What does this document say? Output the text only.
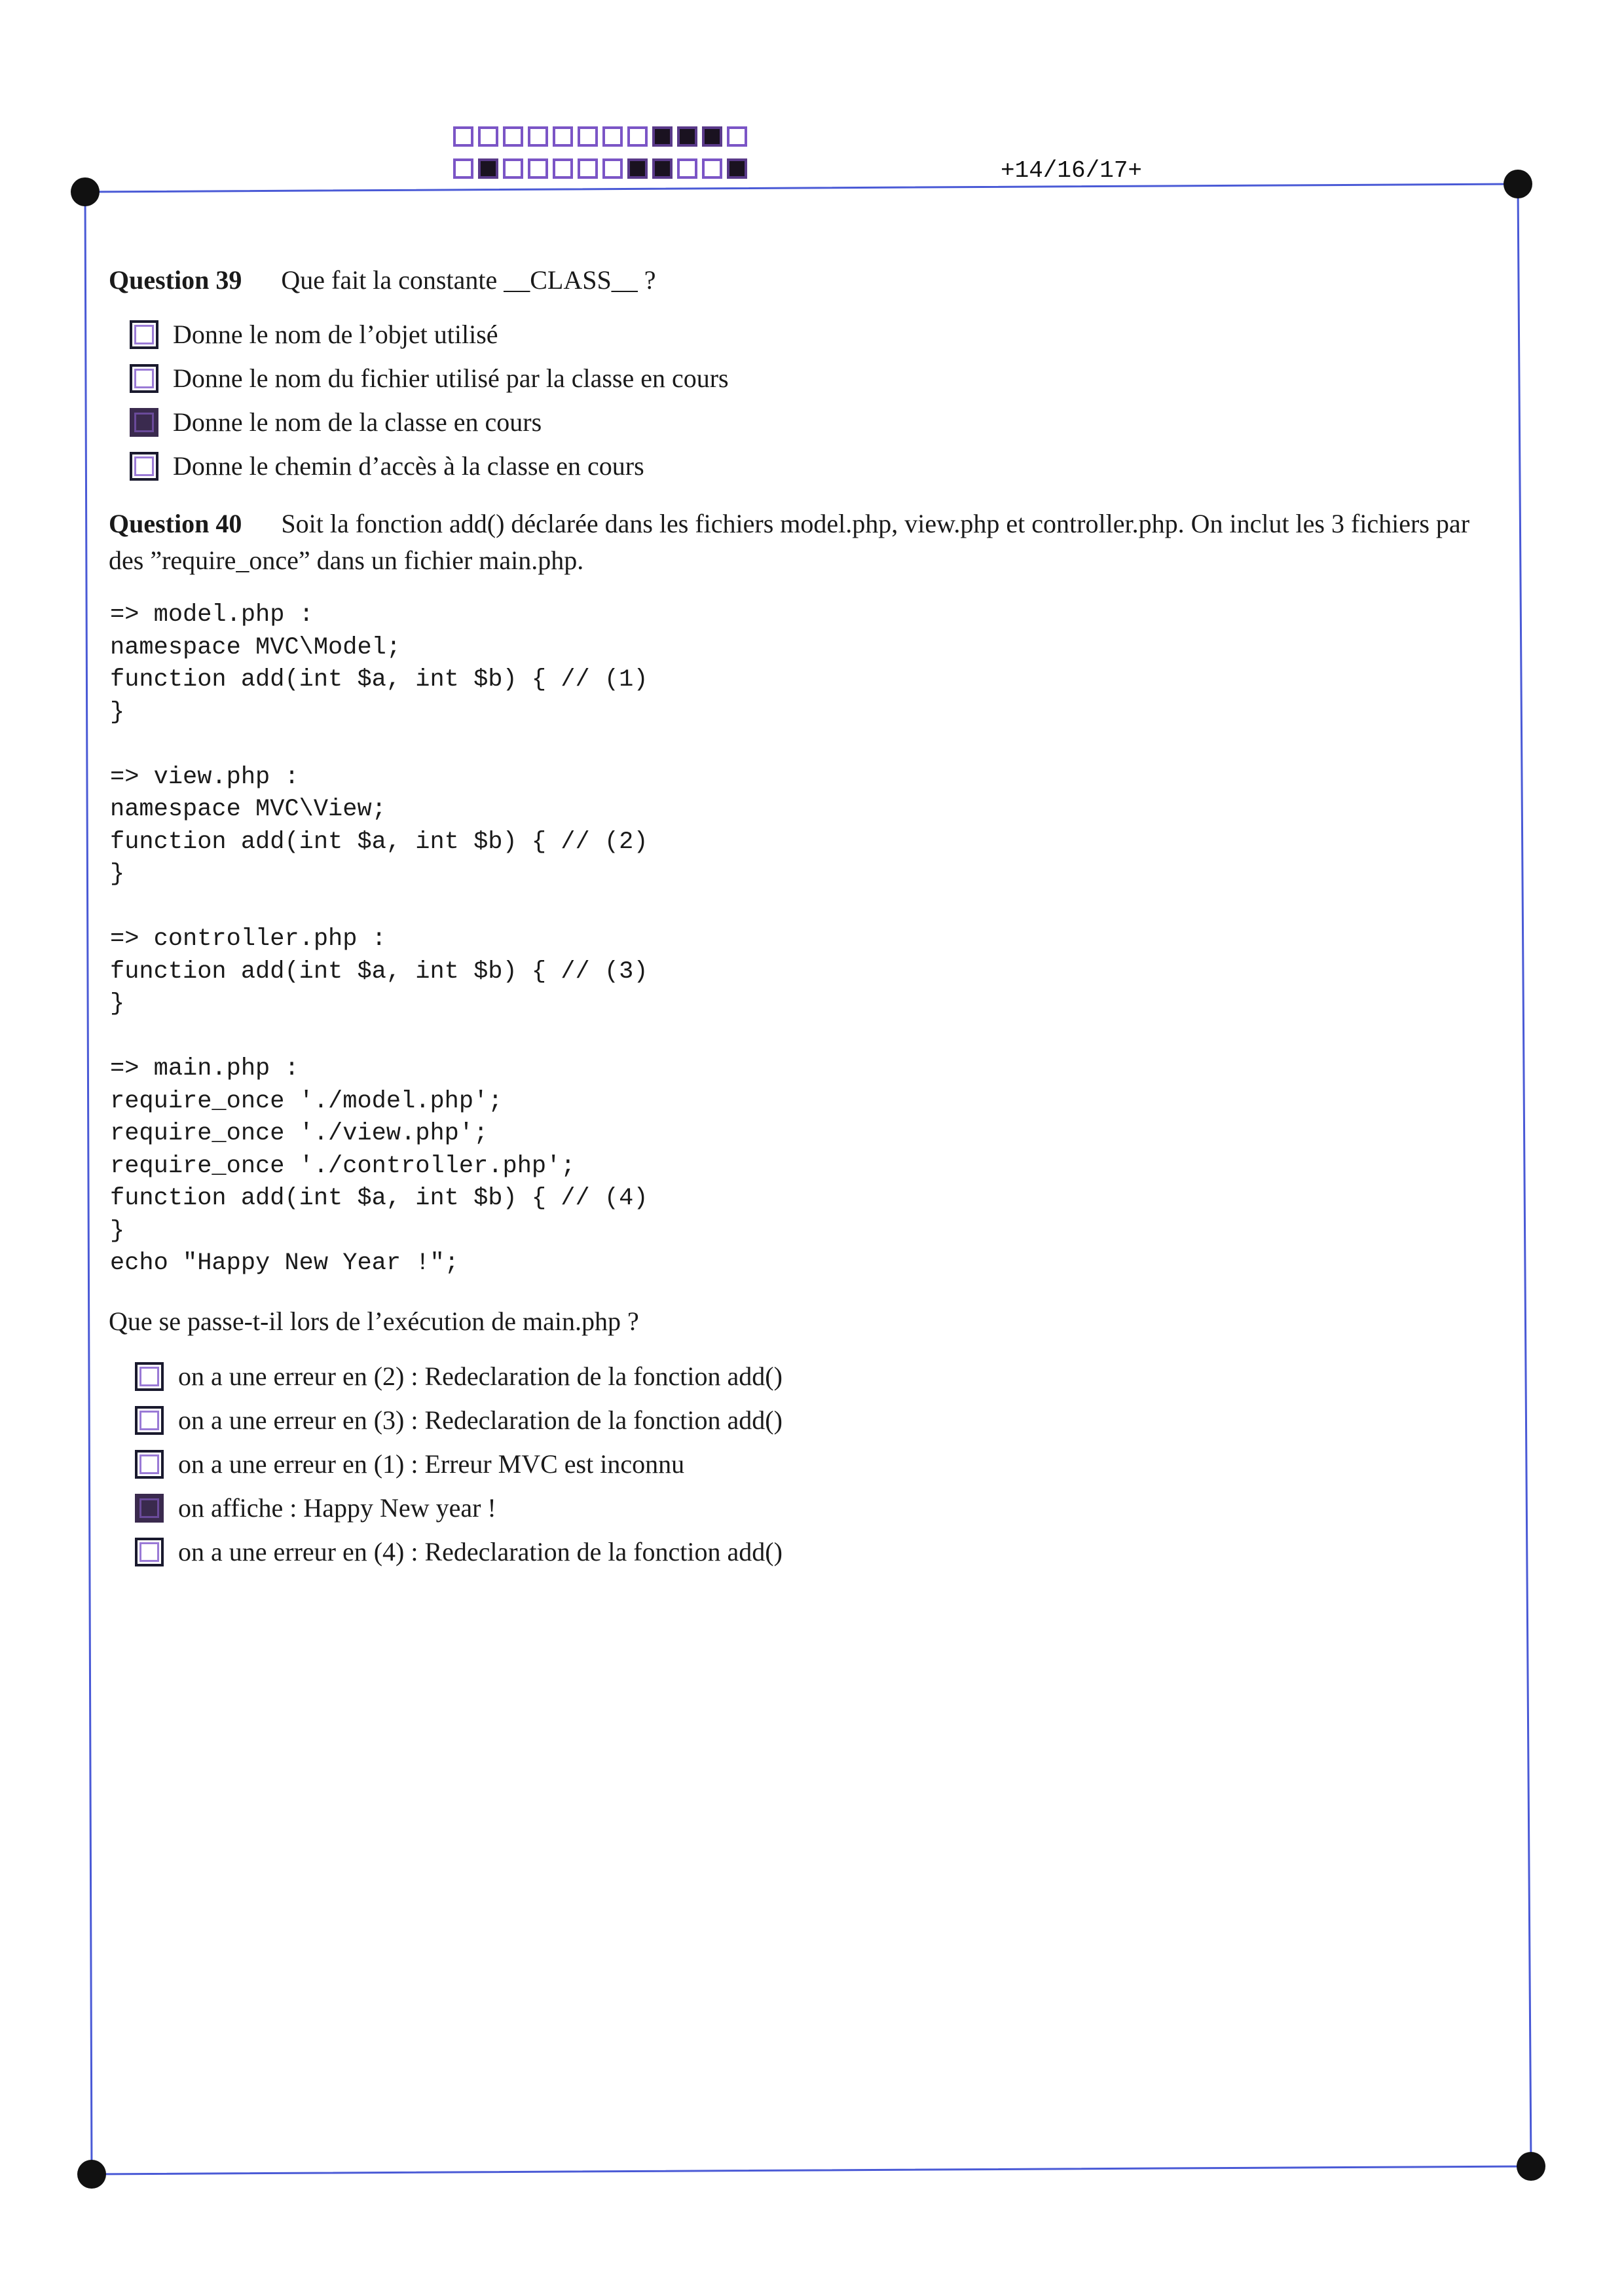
+14/16/17+
Question 39 Que fait la constante __CLASS__ ?
Donne le nom de l’objet utilisé
Donne le nom du fichier utilisé par la classe en cours
Donne le nom de la classe en cours
Donne le chemin d’accès à la classe en cours
Question 40 Soit la fonction add() déclarée dans les fichiers model.php, view.php et controller.php. On inclut les 3 fichiers par des ”require_once” dans un fichier main.php.
=> model.php :
namespace MVC\Model;
function add(int $a, int $b) { // (1)
}
=> view.php :
namespace MVC\View;
function add(int $a, int $b) { // (2)
}
=> controller.php :
function add(int $a, int $b) { // (3)
}
=> main.php :
require_once './model.php';
require_once './view.php';
require_once './controller.php';
function add(int $a, int $b) { // (4)
}
echo "Happy New Year !";
Que se passe-t-il lors de l’exécution de main.php ?
on a une erreur en (2) : Redeclaration de la fonction add()
on a une erreur en (3) : Redeclaration de la fonction add()
on a une erreur en (1) : Erreur MVC est inconnu
on affiche : Happy New year !
on a une erreur en (4) : Redeclaration de la fonction add()
